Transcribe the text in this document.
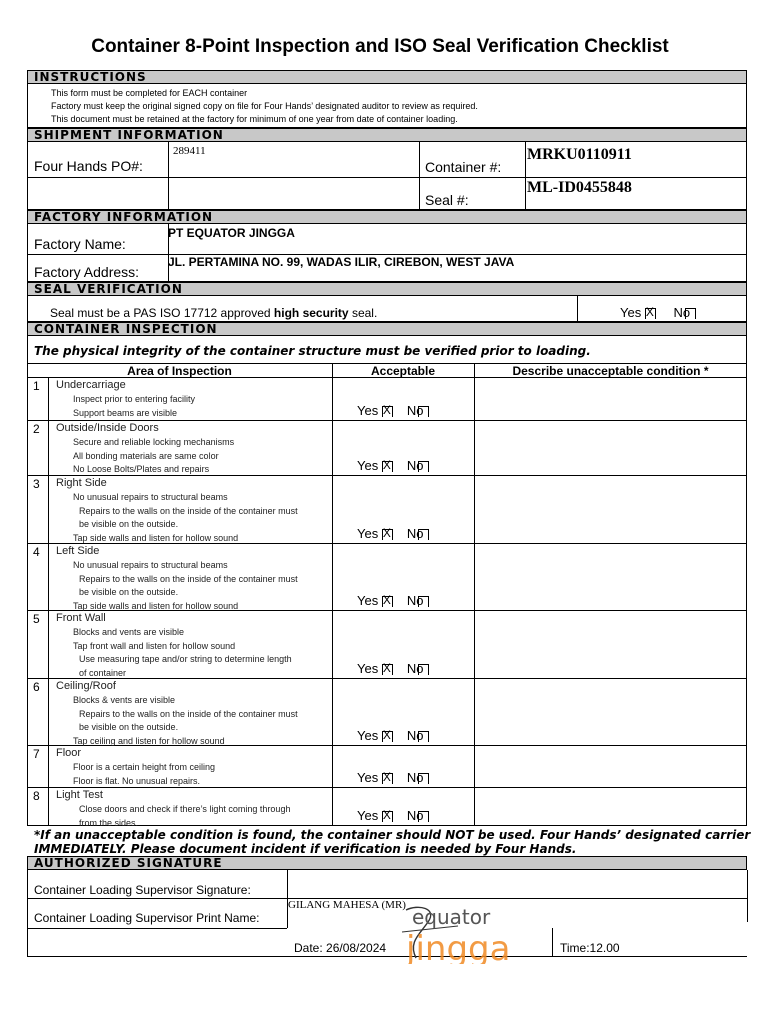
Container 8-Point Inspection and ISO Seal Verification Checklist
INSTRUCTIONS
This form must be completed for EACH container
Factory must keep the original signed copy on file for Four Hands’ designated auditor to review as required.
This document must be retained at the factory for minimum of one year from date of container loading.
SHIPMENT INFORMATION
Four Hands PO#:
289411
Container #:
MRKU0110911
Seal #:
ML-ID0455848
FACTORY INFORMATION
Factory Name:
PT EQUATOR JINGGA
Factory Address:
JL. PERTAMINA NO. 99, WADAS ILIR, CIREBON, WEST JAVA
SEAL VERIFICATION
Seal must be a PAS ISO 17712 approved high security seal.	Yes X No
CONTAINER INSPECTION
The physical integrity of the container structure must be verified prior to loading.
Area of Inspection	Acceptable	Describe unacceptable condition *
1 Undercarriage
Inspect prior to entering facility
Support beams are visible	Yes X No
2 Outside/Inside Doors
Secure and reliable locking mechanisms
All bonding materials are same color
No Loose Bolts/Plates and repairs	Yes X No
3 Right Side
No unusual repairs to structural beams
Repairs to the walls on the inside of the container must
be visible on the outside.
Tap side walls and listen for hollow sound	Yes X No
4 Left Side
No unusual repairs to structural beams
Repairs to the walls on the inside of the container must
be visible on the outside.
Tap side walls and listen for hollow sound	Yes X No
5 Front Wall
Blocks and vents are visible
Tap front wall and listen for hollow sound
Use measuring tape and/or string to determine length
of container	Yes X No
6 Ceiling/Roof
Blocks & vents are visible
Repairs to the walls on the inside of the container must
be visible on the outside.
Tap ceiling and listen for hollow sound	Yes X No
7 Floor
Floor is a certain height from ceiling
Floor is flat. No unusual repairs.	Yes X No
8 Light Test
Close doors and check if there’s light coming through
from the sides.	Yes X No
*If an unacceptable condition is found, the container should NOT be used. Four Hands’ designated carrier
IMMEDIATELY. Please document incident if verification is needed by Four Hands.
AUTHORIZED SIGNATURE
Container Loading Supervisor Signature:
Container Loading Supervisor Print Name:
GILANG MAHESA (MR)
Date: 26/08/2024	Time:12.00
equator
jingga
